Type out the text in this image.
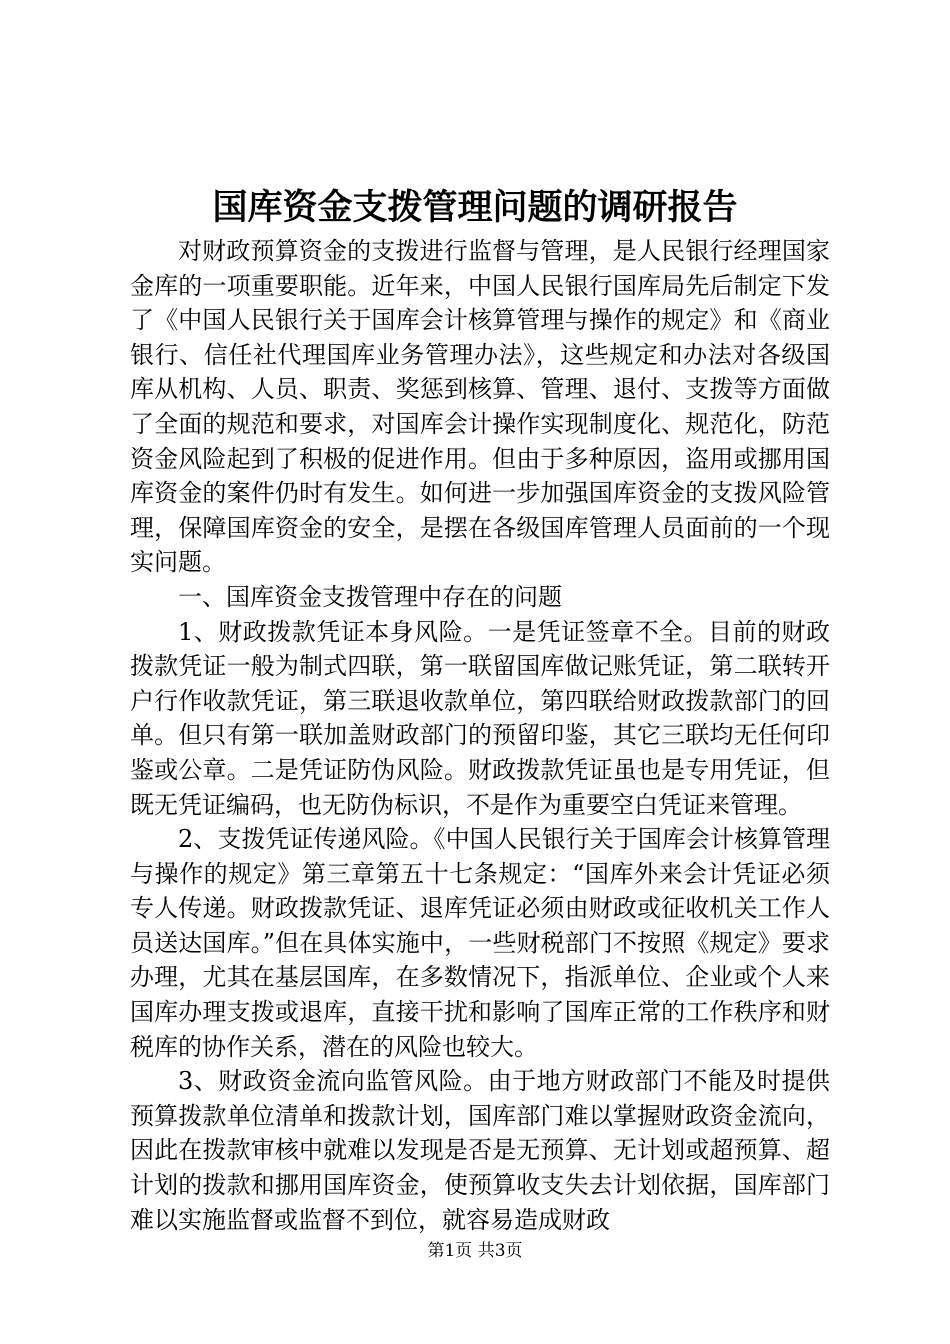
国库资金支拨管理问题的调研报告

对财政预算资金的支拨进行监督与管理，是人民银行经理国家金库的一项重要职能。近年来，中国人民银行国库局先后制定下发了《中国人民银行关于国库会计核算管理与操作的规定》和《商业银行、信任社代理国库业务管理办法》，这些规定和办法对各级国库从机构、人员、职责、奖惩到核算、管理、退付、支拨等方面做了全面的规范和要求，对国库会计操作实现制度化、规范化，防范资金风险起到了积极的促进作用。但由于多种原因，盗用或挪用国库资金的案件仍时有发生。如何进一步加强国库资金的支拨风险管理，保障国库资金的安全，是摆在各级国库管理人员面前的一个现实问题。

一、国库资金支拨管理中存在的问题

1、财政拨款凭证本身风险。一是凭证签章不全。目前的财政拨款凭证一般为制式四联，第一联留国库做记账凭证，第二联转开户行作收款凭证，第三联退收款单位，第四联给财政拨款部门的回单。但只有第一联加盖财政部门的预留印鉴，其它三联均无任何印鉴或公章。二是凭证防伪风险。财政拨款凭证虽也是专用凭证，但既无凭证编码，也无防伪标识，不是作为重要空白凭证来管理。

2、支拨凭证传递风险。《中国人民银行关于国库会计核算管理与操作的规定》第三章第五十七条规定：“国库外来会计凭证必须专人传递。财政拨款凭证、退库凭证必须由财政或征收机关工作人员送达国库。”但在具体实施中，一些财税部门不按照《规定》要求办理，尤其在基层国库，在多数情况下，指派单位、企业或个人来国库办理支拨或退库，直接干扰和影响了国库正常的工作秩序和财税库的协作关系，潜在的风险也较大。

3、财政资金流向监管风险。由于地方财政部门不能及时提供预算拨款单位清单和拨款计划，国库部门难以掌握财政资金流向，因此在拨款审核中就难以发现是否是无预算、无计划或超预算、超计划的拨款和挪用国库资金，使预算收支失去计划依据，国库部门难以实施监督或监督不到位，就容易造成财政

第1页 共3页
